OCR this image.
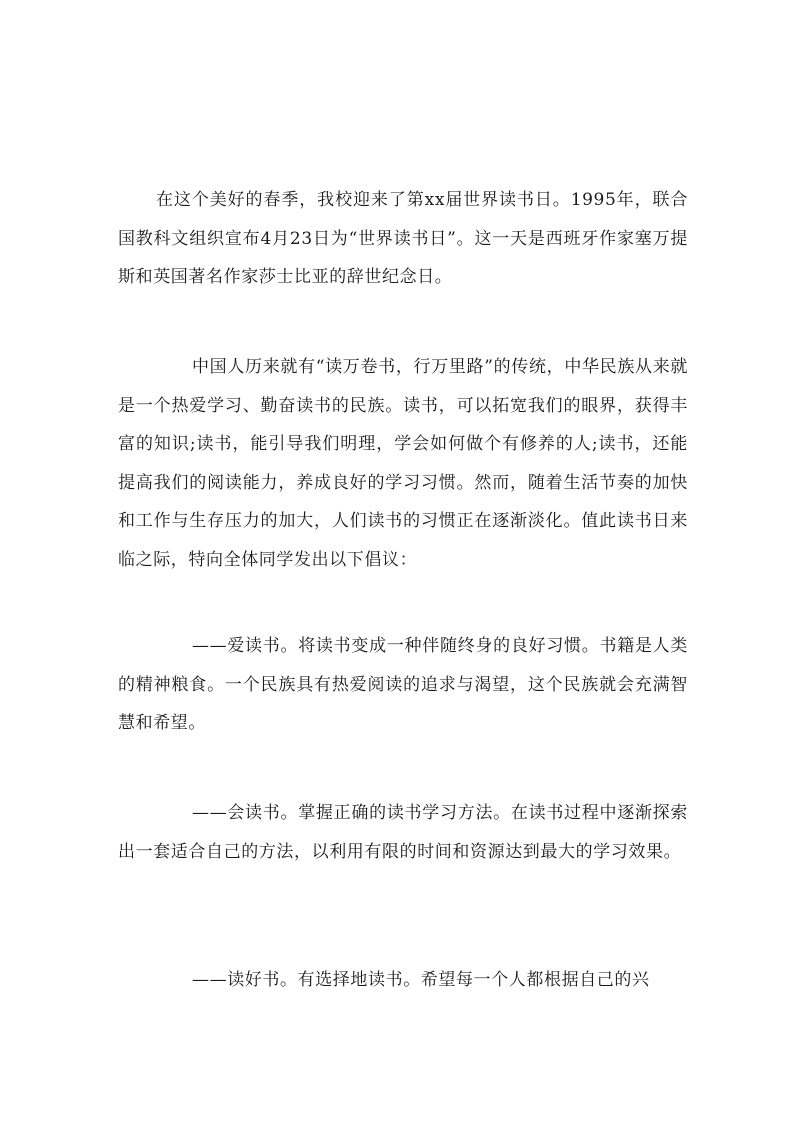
在这个美好的春季，我校迎来了第xx届世界读书日。1995年，联合国教科文组织宣布4月23日为“世界读书日”。这一天是西班牙作家塞万提斯和英国著名作家莎士比亚的辞世纪念日。

中国人历来就有“读万卷书，行万里路”的传统，中华民族从来就是一个热爱学习、勤奋读书的民族。读书，可以拓宽我们的眼界，获得丰富的知识;读书，能引导我们明理，学会如何做个有修养的人;读书，还能提高我们的阅读能力，养成良好的学习习惯。然而，随着生活节奏的加快和工作与生存压力的加大，人们读书的习惯正在逐渐淡化。值此读书日来临之际，特向全体同学发出以下倡议：

——爱读书。将读书变成一种伴随终身的良好习惯。书籍是人类的精神粮食。一个民族具有热爱阅读的追求与渴望，这个民族就会充满智慧和希望。

——会读书。掌握正确的读书学习方法。在读书过程中逐渐探索出一套适合自己的方法，以利用有限的时间和资源达到最大的学习效果。

——读好书。有选择地读书。希望每一个人都根据自己的兴
